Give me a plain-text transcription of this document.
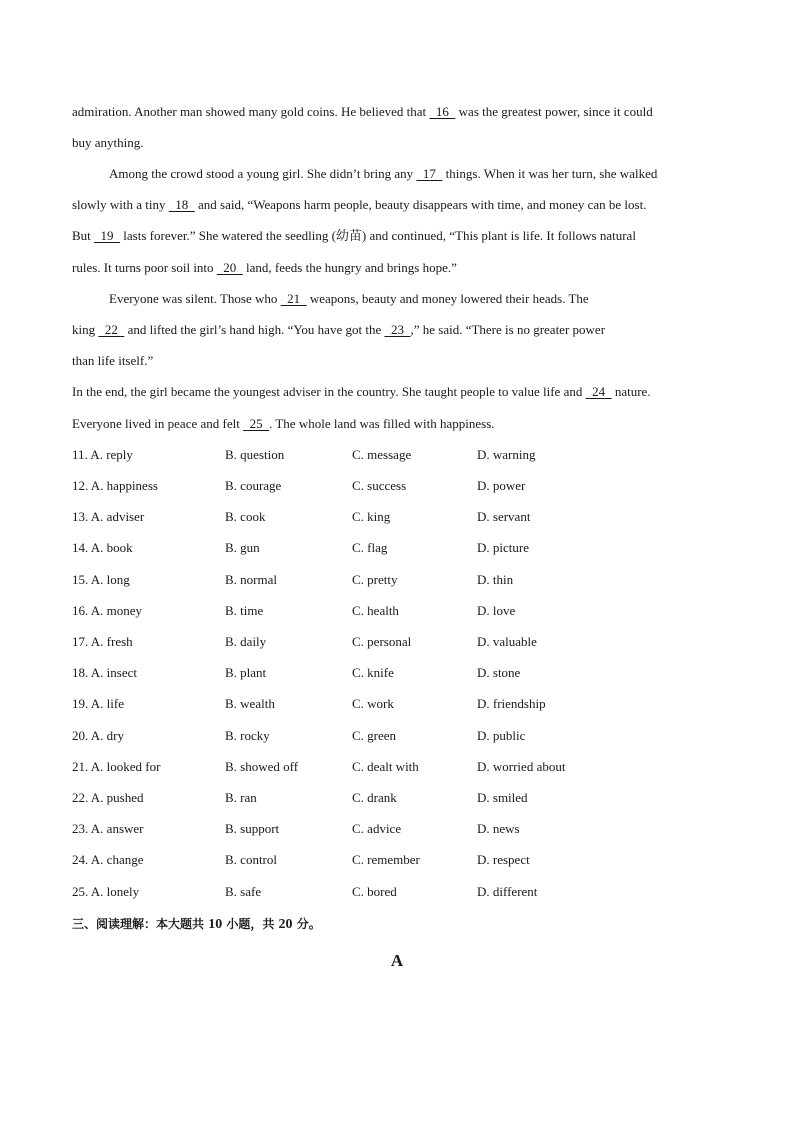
admiration. Another man showed many gold coins. He believed that   16   was the greatest power, since it could
buy anything.
Among the crowd stood a young girl. She didn’t bring any   17   things. When it was her turn, she walked
slowly with a tiny   18   and said, “Weapons harm people, beauty disappears with time, and money can be lost.
But   19   lasts forever.” She watered the seedling (幼苗) and continued, “This plant is life. It follows natural
rules. It turns poor soil into   20   land, feeds the hungry and brings hope.”
Everyone was silent. Those who   21   weapons, beauty and money lowered their heads. The
king   22   and lifted the girl’s hand high. “You have got the   23  ,” he said. “There is no greater power
than life itself.”
In the end, the girl became the youngest adviser in the country. She taught people to value life and   24   nature.
Everyone lived in peace and felt   25  . The whole land was filled with happiness.
11. A. reply	B. question	C. message	D. warning
12. A. happiness	B. courage	C. success	D. power
13. A. adviser	B. cook	C. king	D. servant
14. A. book	B. gun	C. flag	D. picture
15. A. long	B. normal	C. pretty	D. thin
16. A. money	B. time	C. health	D. love
17. A. fresh	B. daily	C. personal	D. valuable
18. A. insect	B. plant	C. knife	D. stone
19. A. life	B. wealth	C. work	D. friendship
20. A. dry	B. rocky	C. green	D. public
21. A. looked for	B. showed off	C. dealt with	D. worried about
22. A. pushed	B. ran	C. drank	D. smiled
23. A. answer	B. support	C. advice	D. news
24. A. change	B. control	C. remember	D. respect
25. A. lonely	B. safe	C. bored	D. different
三、阅读理解：本大题共 10 小题，共 20 分。
A
